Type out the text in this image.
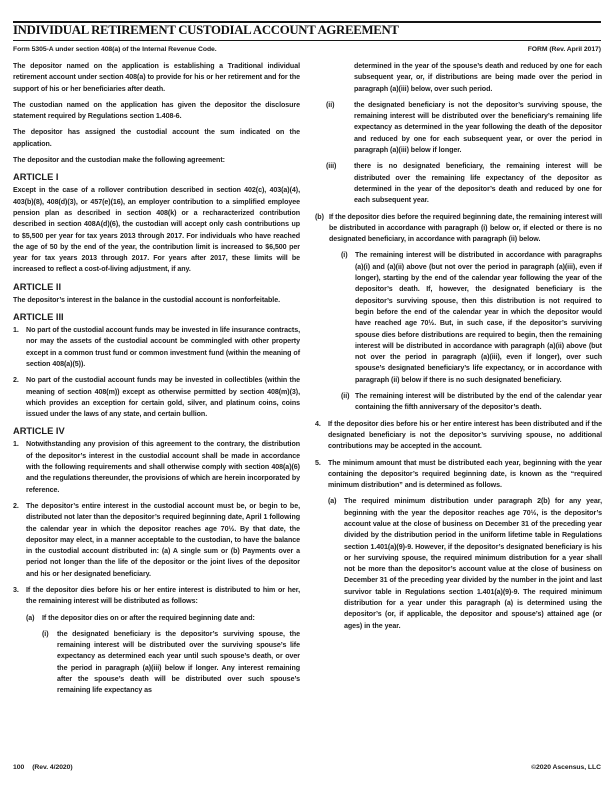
INDIVIDUAL RETIREMENT CUSTODIAL ACCOUNT AGREEMENT
Form 5305-A under section 408(a) of the Internal Revenue Code.	FORM (Rev. April 2017)
The depositor named on the application is establishing a Traditional individual retirement account under section 408(a) to provide for his or her retirement and for the support of his or her beneficiaries after death.
The custodian named on the application has given the depositor the disclosure statement required by Regulations section 1.408-6.
The depositor has assigned the custodial account the sum indicated on the application.
The depositor and the custodian make the following agreement:
ARTICLE I
Except in the case of a rollover contribution described in section 402(c), 403(a)(4), 403(b)(8), 408(d)(3), or 457(e)(16), an employer contribution to a simplified employee pension plan as described in section 408(k) or a recharacterized contribution described in section 408A(d)(6), the custodian will accept only cash contributions up to $5,500 per year for tax years 2013 through 2017. For individuals who have reached the age of 50 by the end of the year, the contribution limit is increased to $6,500 per year for tax years 2013 through 2017. For years after 2017, these limits will be increased to reflect a cost-of-living adjustment, if any.
ARTICLE II
The depositor’s interest in the balance in the custodial account is nonforfeitable.
ARTICLE III
1.	No part of the custodial account funds may be invested in life insurance contracts, nor may the assets of the custodial account be commingled with other property except in a common trust fund or common investment fund (within the meaning of section 408(a)(5)).
2.	No part of the custodial account funds may be invested in collectibles (within the meaning of section 408(m)) except as otherwise permitted by section 408(m)(3), which provides an exception for certain gold, silver, and platinum coins, coins issued under the laws of any state, and certain bullion.
ARTICLE IV
1.	Notwithstanding any provision of this agreement to the contrary, the distribution of the depositor’s interest in the custodial account shall be made in accordance with the following requirements and shall otherwise comply with section 408(a)(6) and the regulations thereunder, the provisions of which are herein incorporated by reference.
2.	The depositor’s entire interest in the custodial account must be, or begin to be, distributed not later than the depositor’s required beginning date, April 1 following the calendar year in which the depositor reaches age 70½. By that date, the depositor may elect, in a manner acceptable to the custodian, to have the balance in the custodial account distributed in: (a) A single sum or (b) Payments over a period not longer than the life of the depositor or the joint lives of the depositor and his or her designated beneficiary.
3.	If the depositor dies before his or her entire interest is distributed to him or her, the remaining interest will be distributed as follows:
(a)	If the depositor dies on or after the required beginning date and:
(i)	the designated beneficiary is the depositor’s surviving spouse, the remaining interest will be distributed over the surviving spouse’s life expectancy as determined each year until such spouse’s death, or over the period in paragraph (a)(iii) below if longer. Any interest remaining after the spouse’s death will be distributed over such spouse’s remaining life expectancy as
determined in the year of the spouse’s death and reduced by one for each subsequent year, or, if distributions are being made over the period in paragraph (a)(iii) below, over such period.
(ii)	the designated beneficiary is not the depositor’s surviving spouse, the remaining interest will be distributed over the beneficiary’s remaining life expectancy as determined in the year following the death of the depositor and reduced by one for each subsequent year, or over the period in paragraph (a)(iii) below if longer.
(iii)	there is no designated beneficiary, the remaining interest will be distributed over the remaining life expectancy of the depositor as determined in the year of the depositor’s death and reduced by one for each subsequent year.
(b) If the depositor dies before the required beginning date, the remaining interest will be distributed in accordance with paragraph (i) below or, if elected or there is no designated beneficiary, in accordance with paragraph (ii) below.
(i)	The remaining interest will be distributed in accordance with paragraphs (a)(i) and (a)(ii) above (but not over the period in paragraph (a)(iii), even if longer), starting by the end of the calendar year following the year of the depositor’s death. If, however, the designated beneficiary is the depositor’s surviving spouse, then this distribution is not required to begin before the end of the calendar year in which the depositor would have reached age 70½. But, in such case, if the depositor’s surviving spouse dies before distributions are required to begin, then the remaining interest will be distributed in accordance with paragraph (a)(ii) above (but not over the period in paragraph (a)(iii), even if longer), over such spouse’s designated beneficiary’s life expectancy, or in accordance with paragraph (ii) below if there is no such designated beneficiary.
(ii) The remaining interest will be distributed by the end of the calendar year containing the fifth anniversary of the depositor’s death.
4.	If the depositor dies before his or her entire interest has been distributed and if the designated beneficiary is not the depositor’s surviving spouse, no additional contributions may be accepted in the account.
5.	The minimum amount that must be distributed each year, beginning with the year containing the depositor’s required beginning date, is known as the “required minimum distribution” and is determined as follows.
(a)	The required minimum distribution under paragraph 2(b) for any year, beginning with the year the depositor reaches age 70½, is the depositor’s account value at the close of business on December 31 of the preceding year divided by the distribution period in the uniform lifetime table in Regulations section 1.401(a)(9)-9. However, if the depositor’s designated beneficiary is his or her surviving spouse, the required minimum distribution for a year shall not be more than the depositor’s account value at the close of business on December 31 of the preceding year divided by the number in the joint and last survivor table in Regulations section 1.401(a)(9)-9. The required minimum distribution for a year under this paragraph (a) is determined using the depositor’s (or, if applicable, the depositor and spouse’s) attained age (or ages) in the year.
100 (Rev. 4/2020)	©2020 Ascensus, LLC
